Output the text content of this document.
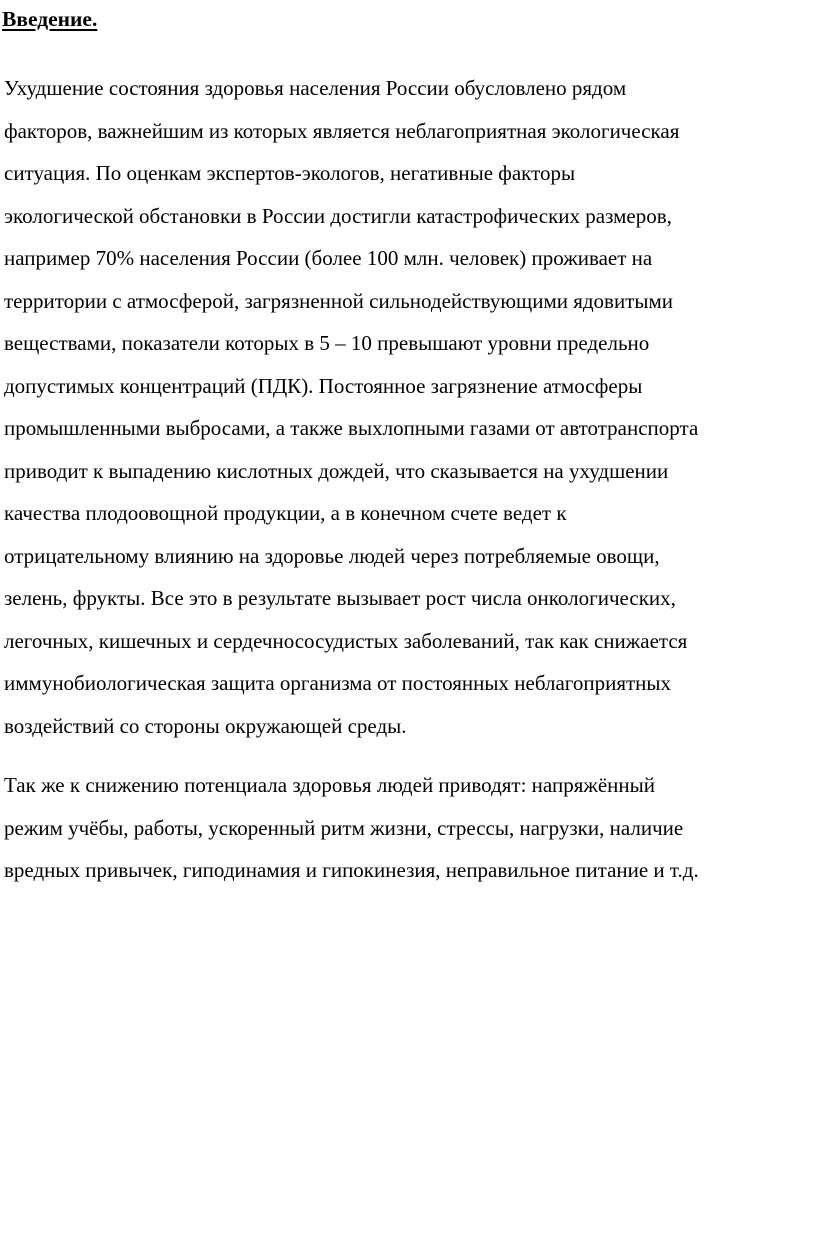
Введение.

Ухудшение состояния здоровья населения России обусловлено рядом
факторов, важнейшим из которых является неблагоприятная экологическая
ситуация. По оценкам экспертов-экологов, негативные факторы
экологической обстановки в России достигли катастрофических размеров,
например 70% населения России (более 100 млн. человек) проживает на
территории с атмосферой, загрязненной сильнодействующими ядовитыми
веществами, показатели которых в 5 – 10 превышают уровни предельно
допустимых концентраций (ПДК). Постоянное загрязнение атмосферы
промышленными выбросами, а также выхлопными газами от автотранспорта
приводит к выпадению кислотных дождей, что сказывается на ухудшении
качества плодоовощной продукции, а в конечном счете ведет к
отрицательному влиянию на здоровье людей через потребляемые овощи,
зелень, фрукты. Все это в результате вызывает рост числа онкологических,
легочных, кишечных и сердечнососудистых заболеваний, так как снижается
иммунобиологическая защита организма от постоянных неблагоприятных
воздействий со стороны окружающей среды.

Так же к снижению потенциала здоровья людей приводят: напряжённый
режим учёбы, работы, ускоренный ритм жизни, стрессы, нагрузки, наличие
вредных привычек, гиподинамия и гипокинезия, неправильное питание и т.д.
